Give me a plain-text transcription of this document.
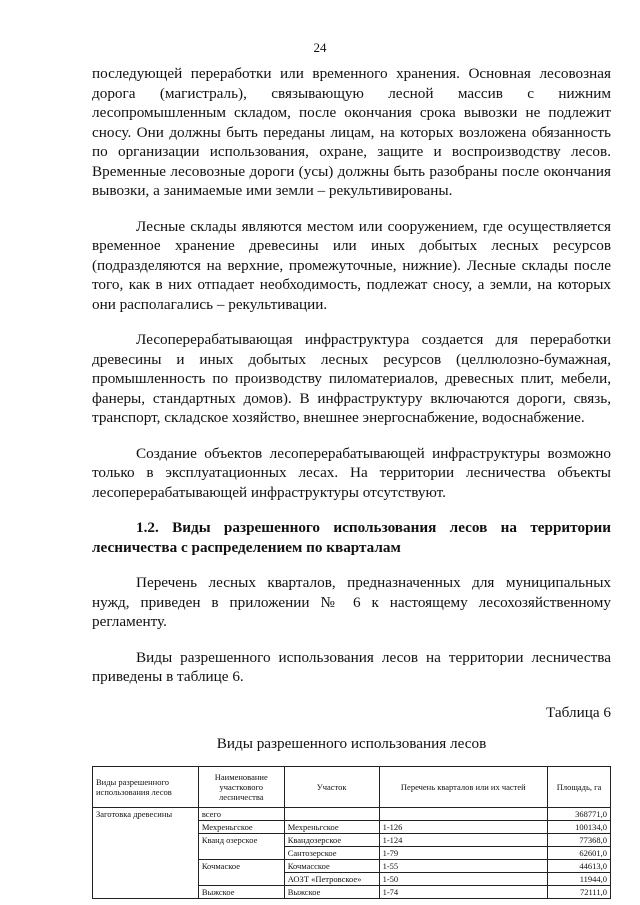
24

последующей переработки или временного хранения. Основная лесовозная дорога (магистраль), связывающую лесной массив с нижним лесопромышленным складом, после окончания срока вывозки не подлежит сносу. Они должны быть переданы лицам, на которых возложена обязанность по организации использования, охране, защите и воспроизводству лесов. Временные лесовозные дороги (усы) должны быть разобраны после окончания вывозки, а занимаемые ими земли – рекультивированы.

Лесные склады являются местом или сооружением, где осуществляется временное хранение древесины или иных добытых лесных ресурсов (подразделяются на верхние, промежуточные, нижние). Лесные склады после того, как в них отпадает необходимость, подлежат сносу, а земли, на которых они располагались – рекультивации.

Лесоперерабатывающая инфраструктура создается для переработки древесины и иных добытых лесных ресурсов (целлюлозно-бумажная, промышленность по производству пиломатериалов, древесных плит, мебели, фанеры, стандартных домов). В инфраструктуру включаются дороги, связь, транспорт, складское хозяйство, внешнее энергоснабжение, водоснабжение.

Создание объектов лесоперерабатывающей инфраструктуры возможно только в эксплуатационных лесах. На территории лесничества объекты лесоперерабатывающей инфраструктуры отсутствуют.

1.2. Виды разрешенного использования лесов на территории лесничества с распределением по кварталам

Перечень лесных кварталов, предназначенных для муниципальных нужд, приведен в приложении № 6 к настоящему лесохозяйственному регламенту.

Виды разрешенного использования лесов на территории лесничества приведены в таблице 6.

Таблица 6
Виды разрешенного использования лесов
Виды разрешенного использования лесов	Наименование участкового лесничества	Участок	Перечень кварталов или их частей	Площадь, га
Заготовка древесины	всего			368771,0
	Мехреньгское	Мехреньгское	1-126	100134,0
	Кванд озерское	Квандозерское	1-124	77368,0
		Сантозерское	1-79	62601,0
	Кочмаское	Кочмасское	1-55	44613,0
		АОЗТ «Петровское»	1-50	11944,0
	Выжское	Выжское	1-74	72111,0
